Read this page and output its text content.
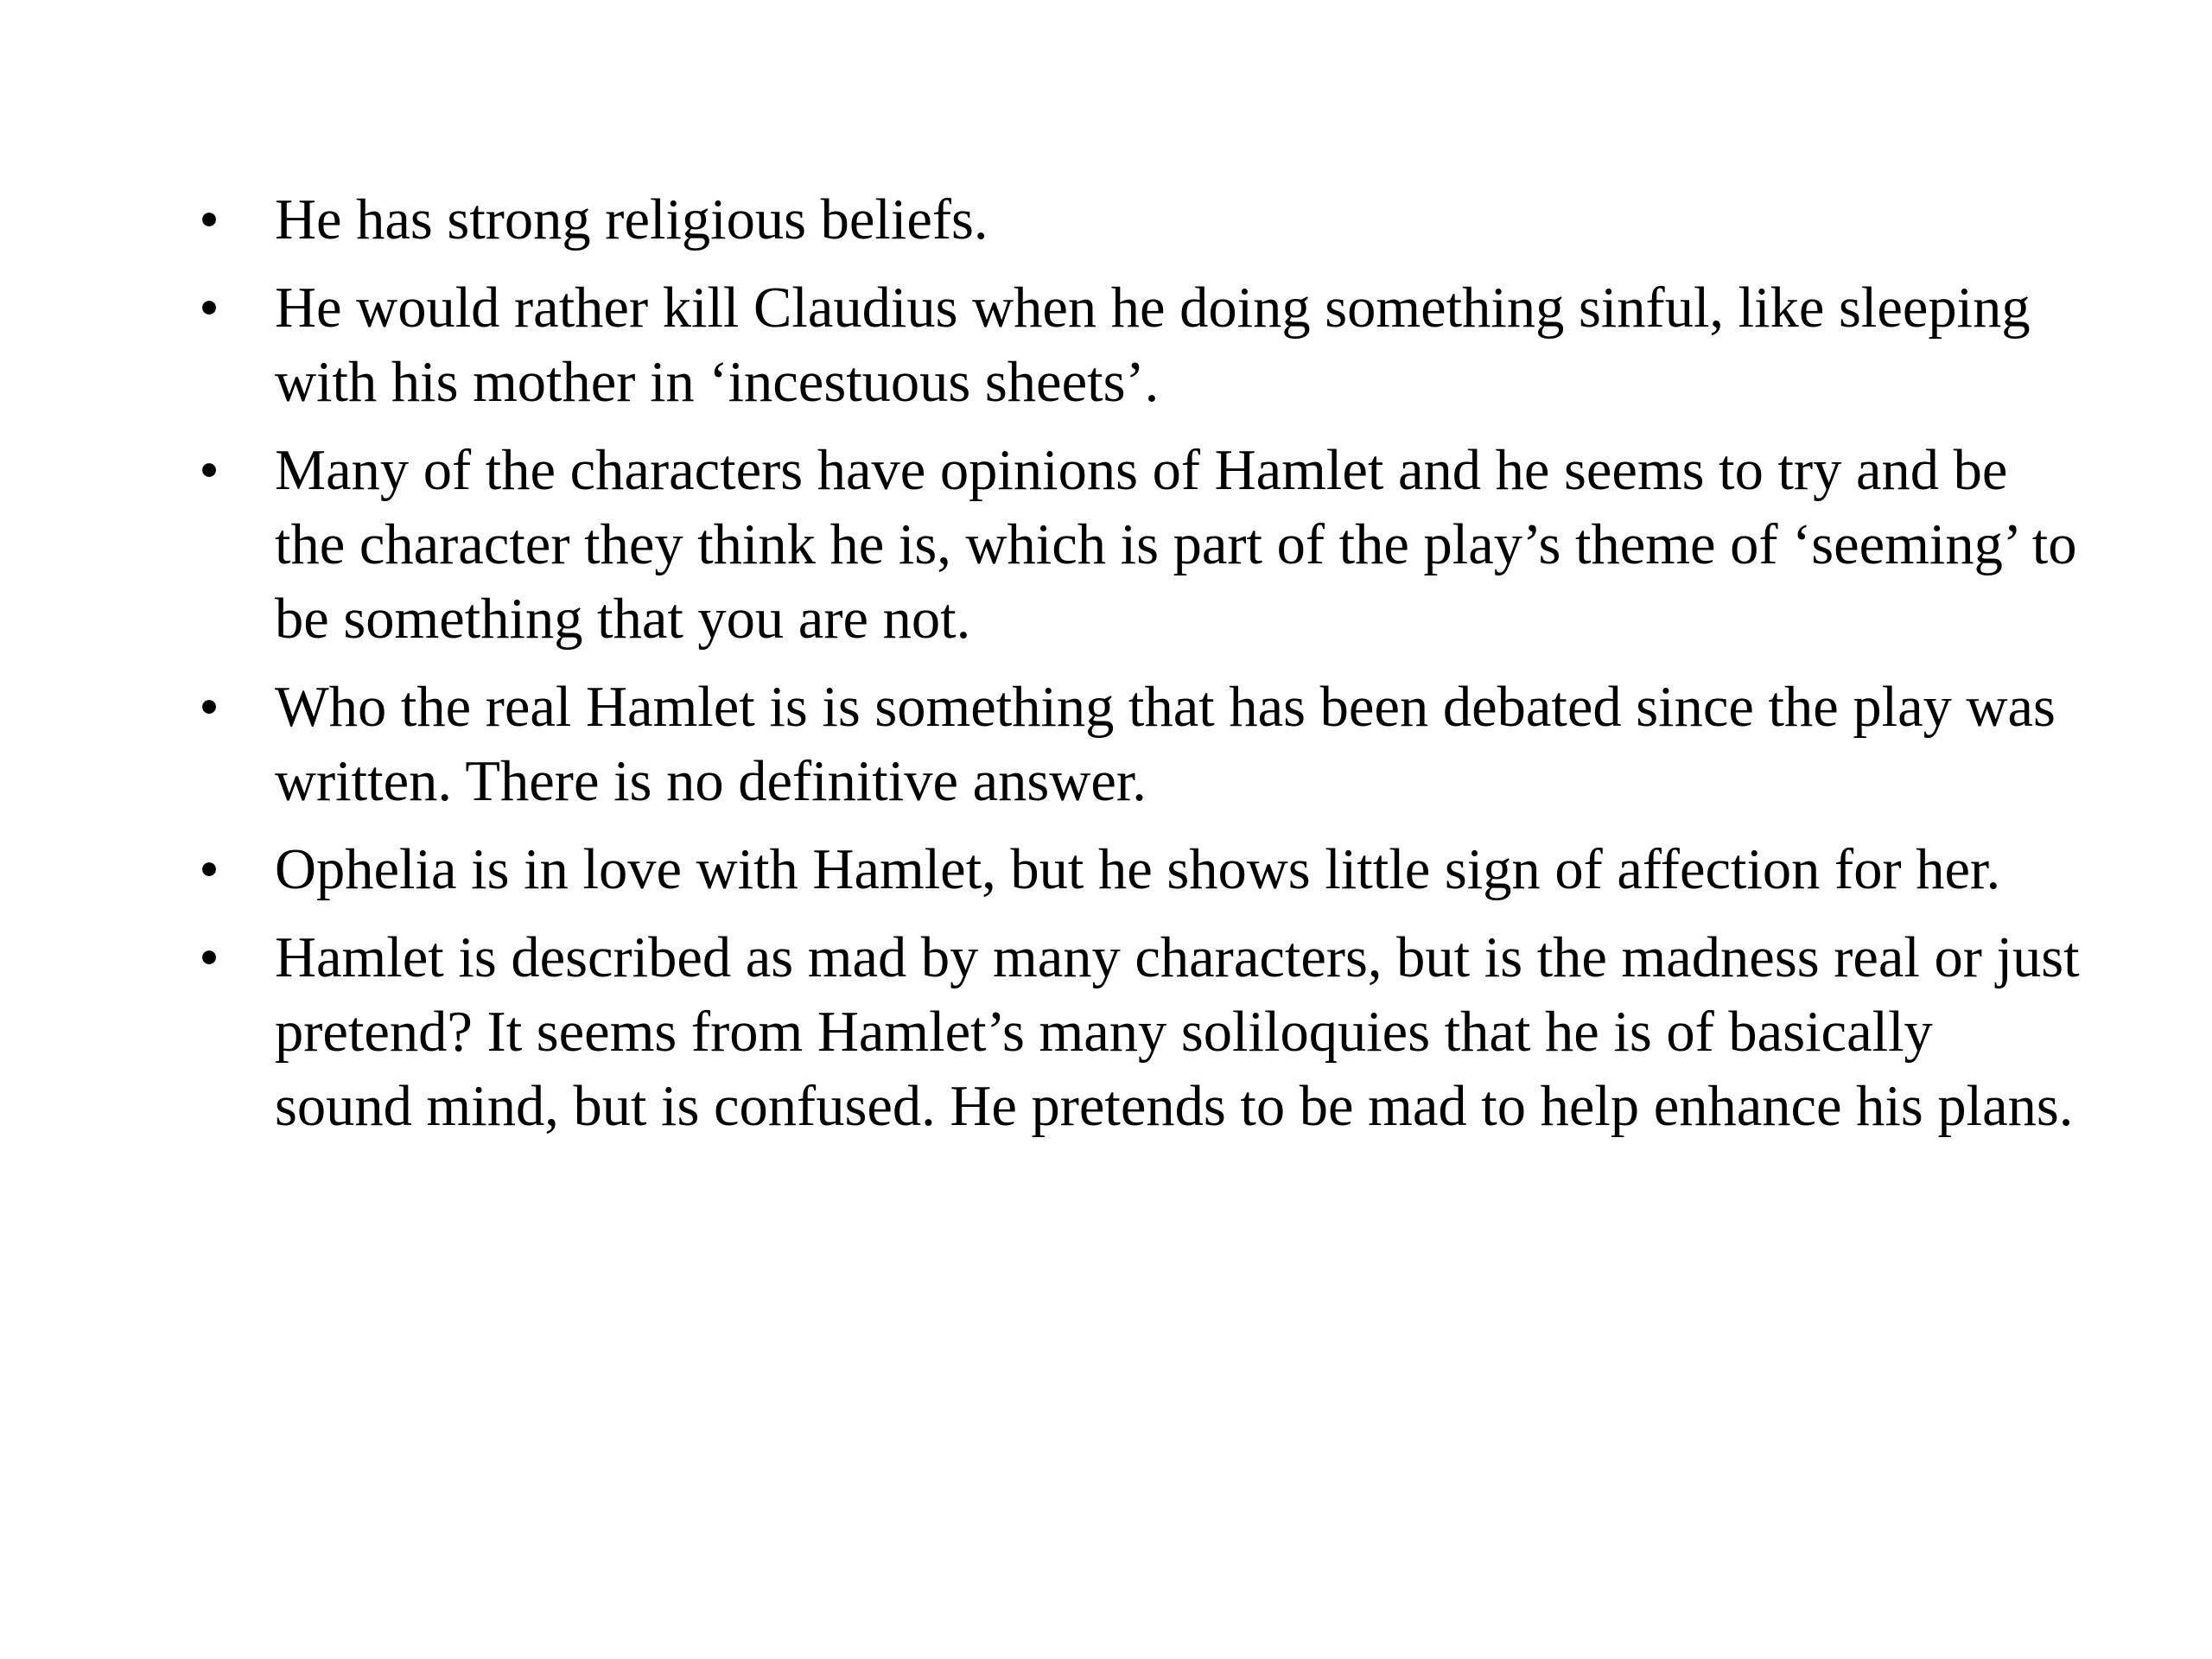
• He has strong religious beliefs.
• He would rather kill Claudius when he doing something sinful, like sleeping with his mother in ‘incestuous sheets’.
• Many of the characters have opinions of Hamlet and he seems to try and be the character they think he is, which is part of the play’s theme of ‘seeming’ to be something that you are not.
• Who the real Hamlet is is something that has been debated since the play was written. There is no definitive answer.
• Ophelia is in love with Hamlet, but he shows little sign of affection for her.
• Hamlet is described as mad by many characters, but is the madness real or just pretend? It seems from Hamlet’s many soliloquies that he is of basically sound mind, but is confused. He pretends to be mad to help enhance his plans.
